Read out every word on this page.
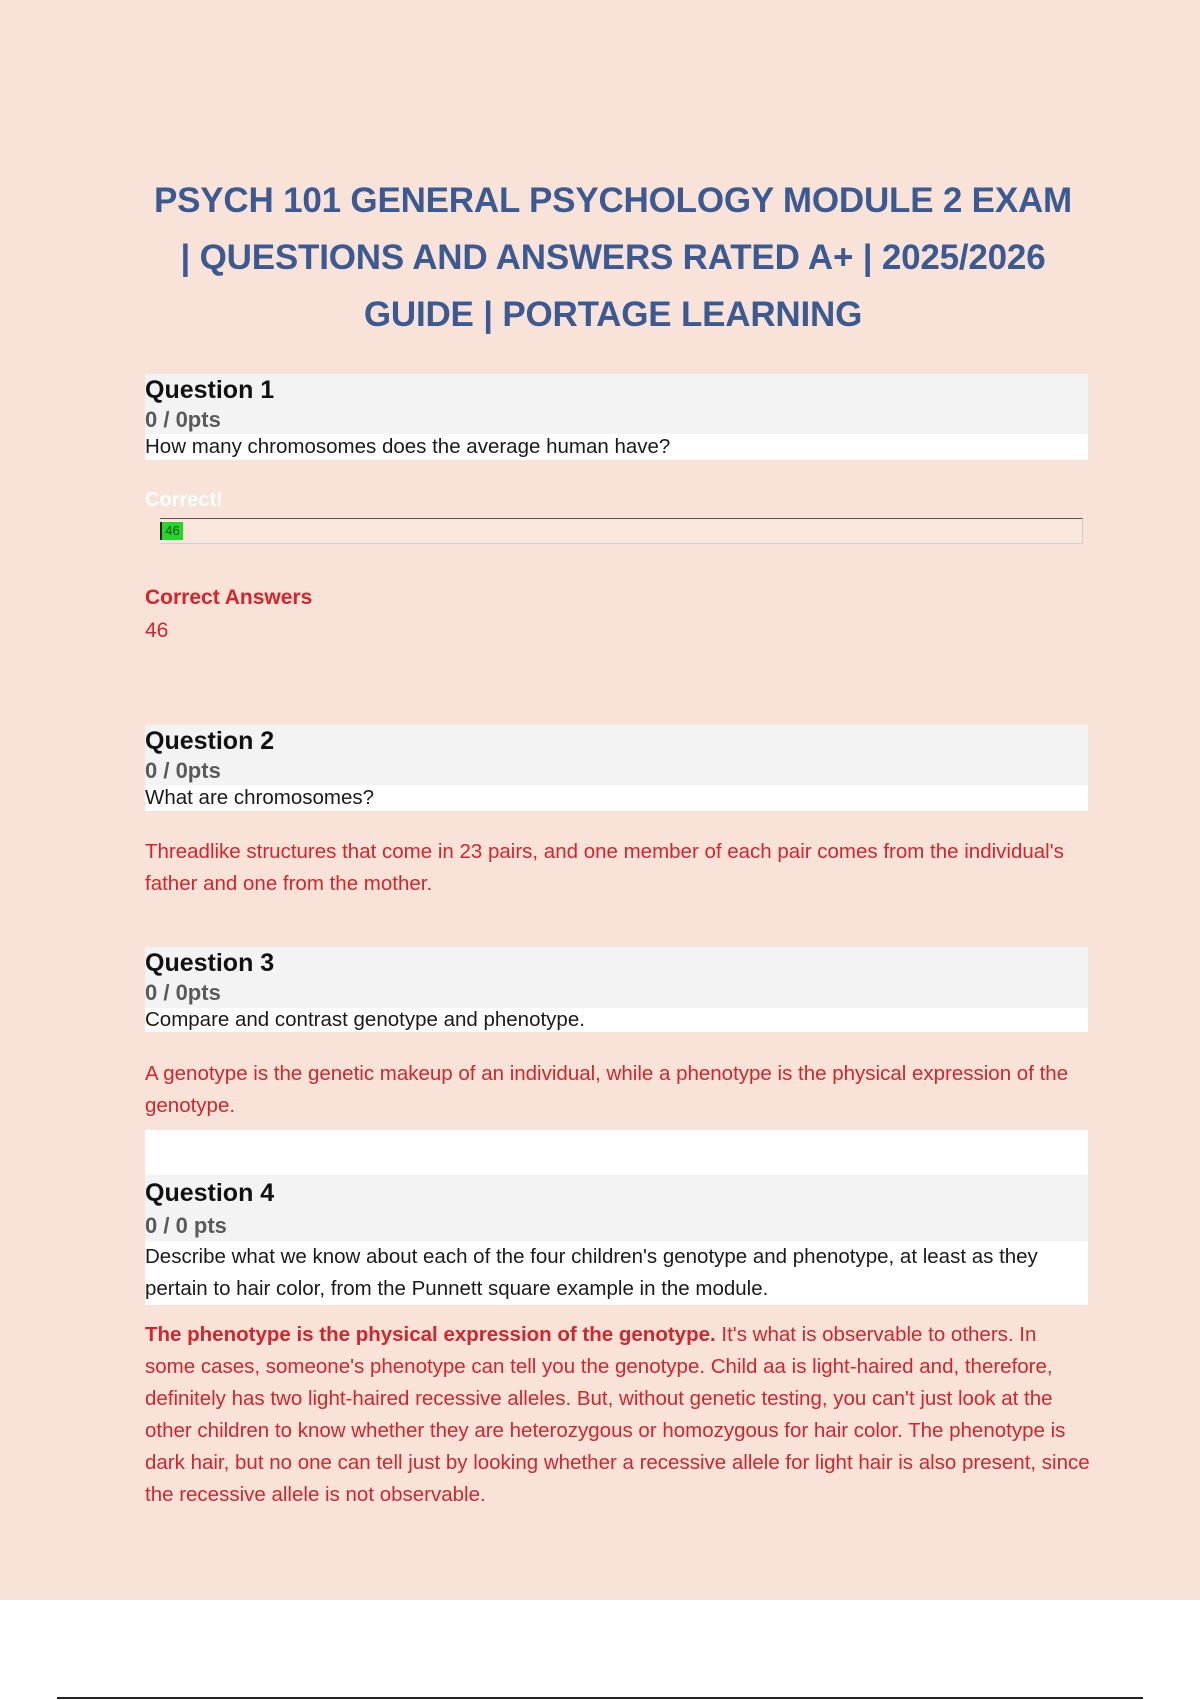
PSYCH 101 GENERAL PSYCHOLOGY MODULE 2 EXAM | QUESTIONS AND ANSWERS RATED A+ | 2025/2026 GUIDE | PORTAGE LEARNING
Question 1
0 / 0pts
How many chromosomes does the average human have?
Correct!
46
Correct Answers
46
Question 2
0 / 0pts
What are chromosomes?
Threadlike structures that come in 23 pairs, and one member of each pair comes from the individual's father and one from the mother.
Question 3
0 / 0pts
Compare and contrast genotype and phenotype.
A genotype is the genetic makeup of an individual, while a phenotype is the physical expression of the genotype.
Question 4
0 / 0 pts
Describe what we know about each of the four children's genotype and phenotype, at least as they pertain to hair color, from the Punnett square example in the module.
The phenotype is the physical expression of the genotype. It's what is observable to others. In some cases, someone's phenotype can tell you the genotype. Child aa is light-haired and, therefore, definitely has two light-haired recessive alleles. But, without genetic testing, you can't just look at the other children to know whether they are heterozygous or homozygous for hair color. The phenotype is dark hair, but no one can tell just by looking whether a recessive allele for light hair is also present, since the recessive allele is not observable.
